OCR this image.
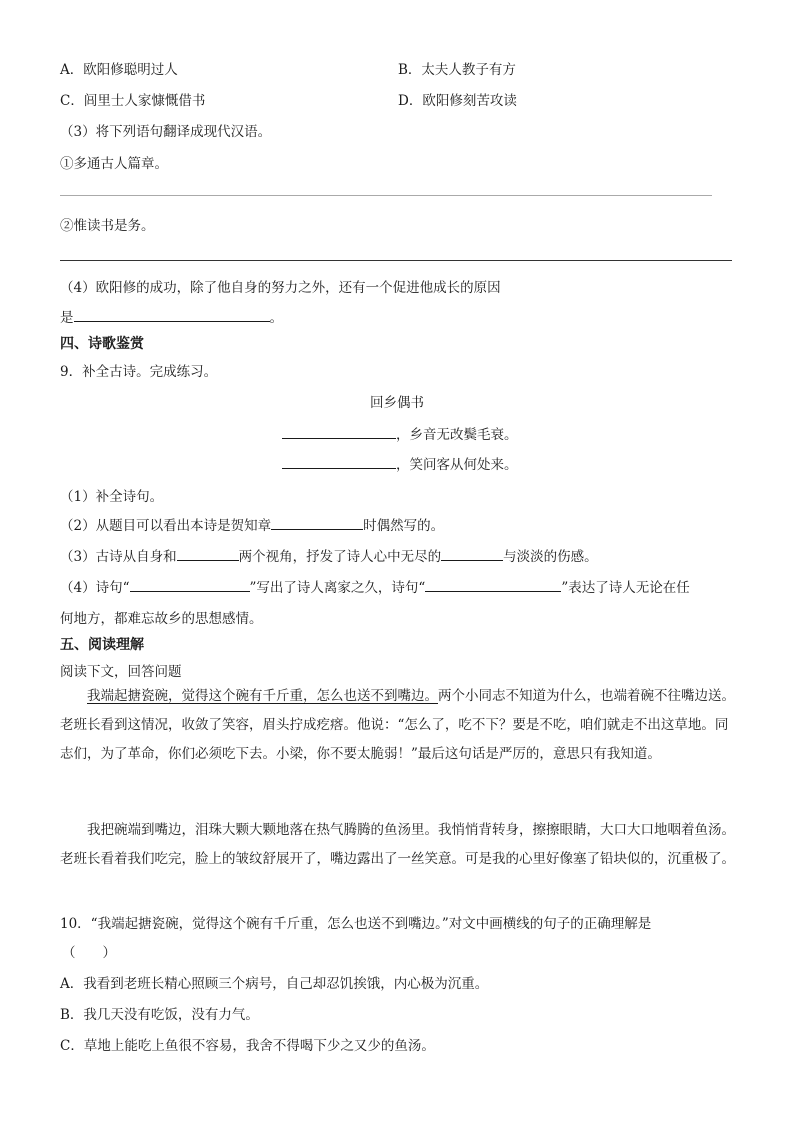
A．欧阳修聪明过人	B．太夫人教子有方
C．闾里士人家慷慨借书	D．欧阳修刻苦攻读
（3）将下列语句翻译成现代汉语。
①多通古人篇章。
②惟读书是务。
（4）欧阳修的成功，除了他自身的努力之外，还有一个促进他成长的原因
是	。
四、诗歌鉴赏
9．补全古诗。完成练习。
回乡偶书
，乡音无改鬓毛衰。
，笑问客从何处来。
（1）补全诗句。
（2）从题目可以看出本诗是贺知章	时偶然写的。
（3）古诗从自身和	两个视角，抒发了诗人心中无尽的	与淡淡的伤感。
（4）诗句“	”写出了诗人离家之久，诗句“	”表达了诗人无论在任
何地方，都难忘故乡的思想感情。
五、阅读理解
阅读下文，回答问题
我端起搪瓷碗，觉得这个碗有千斤重，怎么也送不到嘴边。两个小同志不知道为什么，也端着碗不往嘴边送。老班长看到这情况，收敛了笑容，眉头拧成疙瘩。他说：“怎么了，吃不下？要是不吃，咱们就走不出这草地。同志们，为了革命，你们必须吃下去。小梁，你不要太脆弱！”最后这句话是严厉的，意思只有我知道。
我把碗端到嘴边，泪珠大颗大颗地落在热气腾腾的鱼汤里。我悄悄背转身，擦擦眼睛，大口大口地咽着鱼汤。老班长看着我们吃完，脸上的皱纹舒展开了，嘴边露出了一丝笑意。可是我的心里好像塞了铅块似的，沉重极了。
10．“我端起搪瓷碗，觉得这个碗有千斤重，怎么也送不到嘴边。”对文中画横线的句子的正确理解是
（　　）
A．我看到老班长精心照顾三个病号，自己却忍饥挨饿，内心极为沉重。
B．我几天没有吃饭，没有力气。
C．草地上能吃上鱼很不容易，我舍不得喝下少之又少的鱼汤。
